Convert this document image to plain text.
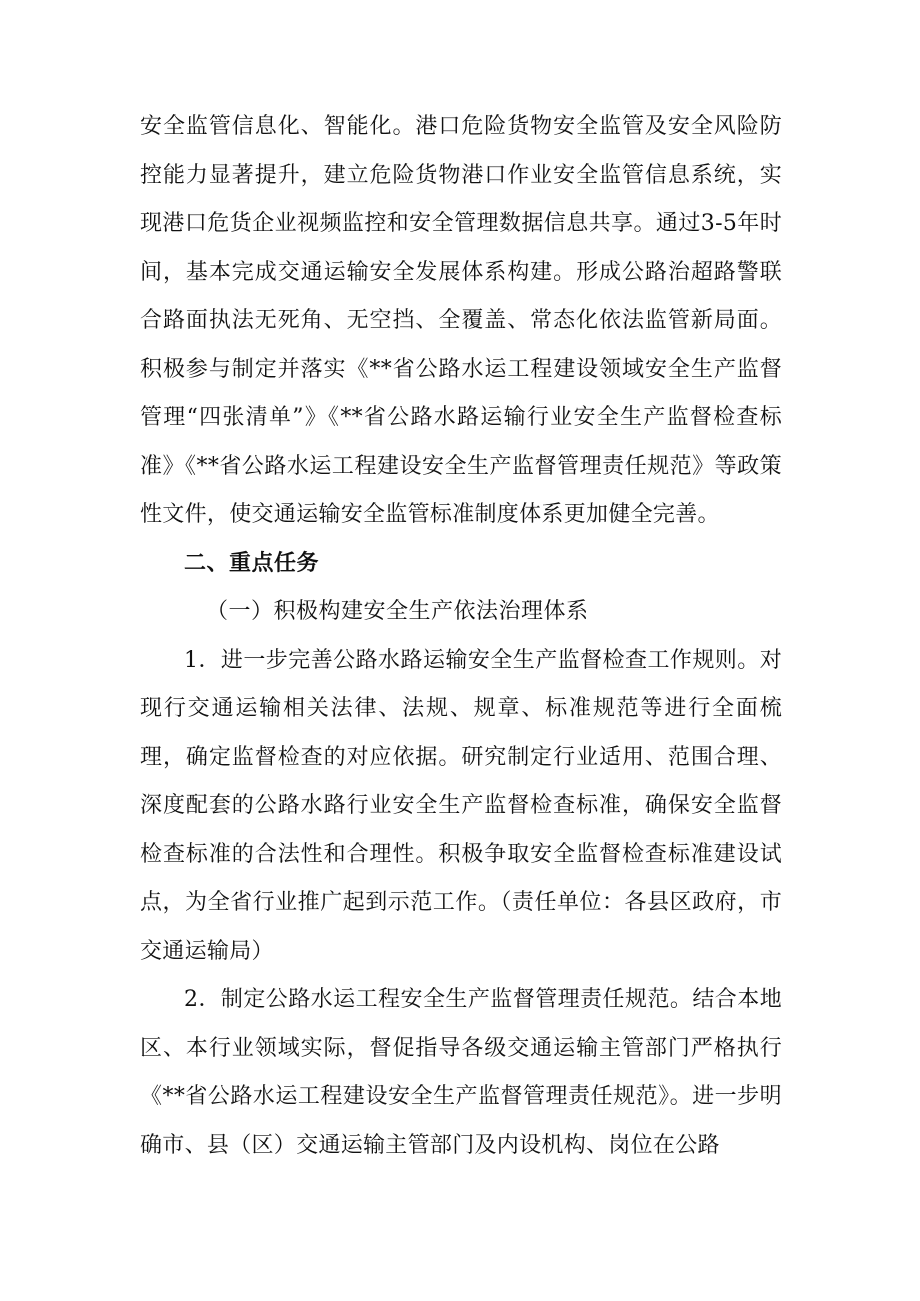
安全监管信息化、智能化。港口危险货物安全监管及安全风险防控能力显著提升，建立危险货物港口作业安全监管信息系统，实现港口危货企业视频监控和安全管理数据信息共享。通过3-5年时间，基本完成交通运输安全发展体系构建。形成公路治超路警联合路面执法无死角、无空挡、全覆盖、常态化依法监管新局面。积极参与制定并落实《**省公路水运工程建设领域安全生产监督管理“四张清单”》《**省公路水路运输行业安全生产监督检查标准》《**省公路水运工程建设安全生产监督管理责任规范》等政策性文件，使交通运输安全监管标准制度体系更加健全完善。

二、重点任务

（一）积极构建安全生产依法治理体系

1．进一步完善公路水路运输安全生产监督检查工作规则。对现行交通运输相关法律、法规、规章、标准规范等进行全面梳理，确定监督检查的对应依据。研究制定行业适用、范围合理、深度配套的公路水路行业安全生产监督检查标准，确保安全监督检查标准的合法性和合理性。积极争取安全监督检查标准建设试点，为全省行业推广起到示范工作。（责任单位：各县区政府，市交通运输局）

2．制定公路水运工程安全生产监督管理责任规范。结合本地区、本行业领域实际，督促指导各级交通运输主管部门严格执行《**省公路水运工程建设安全生产监督管理责任规范》。进一步明确市、县（区）交通运输主管部门及内设机构、岗位在公路
